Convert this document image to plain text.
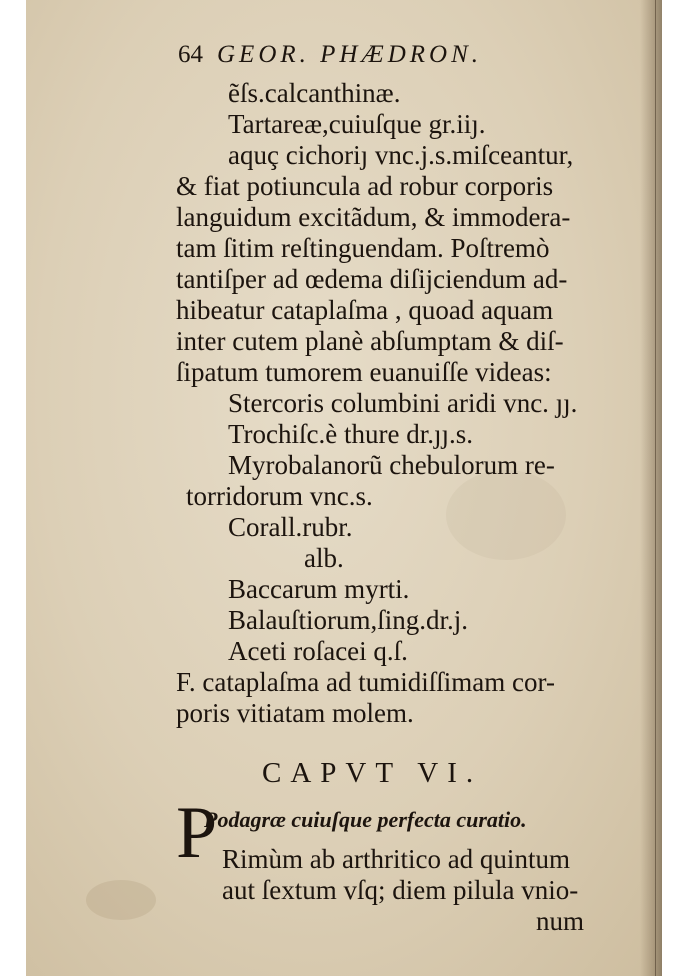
64 GEOR. PHÆDRON.
ẽſs.calcanthinæ.
Tartareæ,cuiuſque gr.iiȷ.
aquç cichoriȷ vnc.j.s.miſceantur,
& fiat potiuncula ad robur corporis
languidum excitãdum, & immodera-
tam ſitim reſtinguendam. Poſtremò
tantiſper ad œdema diſijciendum ad-
hibeatur cataplaſma , quoad aquam
inter cutem planè abſumptam & diſ-
ſipatum tumorem euanuiſſe videas:
Stercoris columbini aridi vnc. ȷȷ.
Trochiſc.è thure dr.ȷȷ.s.
Myrobalanorũ chebulorum re-
torridorum vnc.s.
Corall.rubr.
alb.
Baccarum myrti.
Balauſtiorum,ſing.dr.j.
Aceti roſacei q.ſ.
F. cataplaſma ad tumidiſſimam cor-
poris vitiatam molem.
CAPVT VI.
Podagræ cuiuſque perfecta curatio.
P Rimùm ab arthritico ad quintum
aut ſextum vſq; diem pilula vnio-
num
